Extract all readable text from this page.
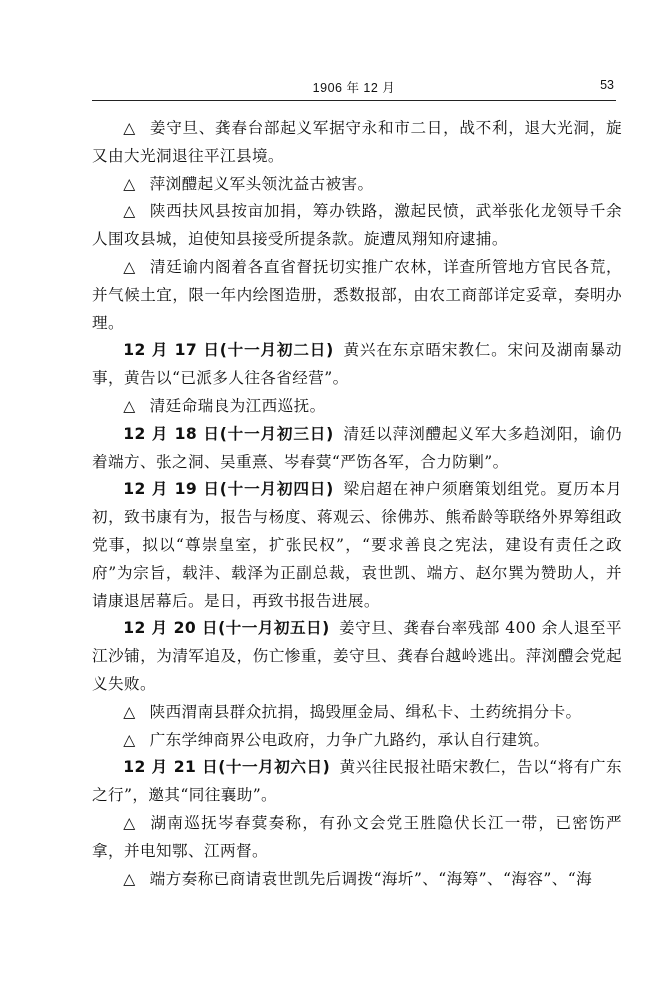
1906 年 12 月	53

△ 姜守旦、龚春台部起义军据守永和市二日，战不利，退大光洞，旋又由大光洞退往平江县境。

△ 萍浏醴起义军头领沈益古被害。

△ 陕西扶风县按亩加捐，筹办铁路，激起民愤，武举张化龙领导千余人围攻县城，迫使知县接受所提条款。旋遭凤翔知府逮捕。

△ 清廷谕内阁着各直省督抚切实推广农林，详查所管地方官民各荒，并气候土宜，限一年内绘图造册，悉数报部，由农工商部详定妥章，奏明办理。

12 月 17 日(十一月初二日) 黄兴在东京晤宋教仁。宋问及湖南暴动事，黄告以“已派多人往各省经营”。

△ 清廷命瑞良为江西巡抚。

12 月 18 日(十一月初三日) 清廷以萍浏醴起义军大多趋浏阳，谕仍着端方、张之洞、吴重熹、岑春蓂“严饬各军，合力防剿”。

12 月 19 日(十一月初四日) 梁启超在神户须磨策划组党。夏历本月初，致书康有为，报告与杨度、蒋观云、徐佛苏、熊希龄等联络外界筹组政党事，拟以“尊崇皇室，扩张民权”，“要求善良之宪法，建设有责任之政府”为宗旨，载沣、载泽为正副总裁，袁世凯、端方、赵尔巽为赞助人，并请康退居幕后。是日，再致书报告进展。

12 月 20 日(十一月初五日) 姜守旦、龚春台率残部 400 余人退至平江沙铺，为清军追及，伤亡惨重，姜守旦、龚春台越岭逃出。萍浏醴会党起义失败。

△ 陕西渭南县群众抗捐，捣毁厘金局、缉私卡、土药统捐分卡。

△ 广东学绅商界公电政府，力争广九路约，承认自行建筑。

12 月 21 日(十一月初六日) 黄兴往民报社晤宋教仁，告以“将有广东之行”，邀其“同往襄助”。

△ 湖南巡抚岑春蓂奏称，有孙文会党王胜隐伏长江一带，已密饬严拿，并电知鄂、江两督。

△ 端方奏称已商请袁世凯先后调拨“海圻”、“海筹”、“海容”、“海
